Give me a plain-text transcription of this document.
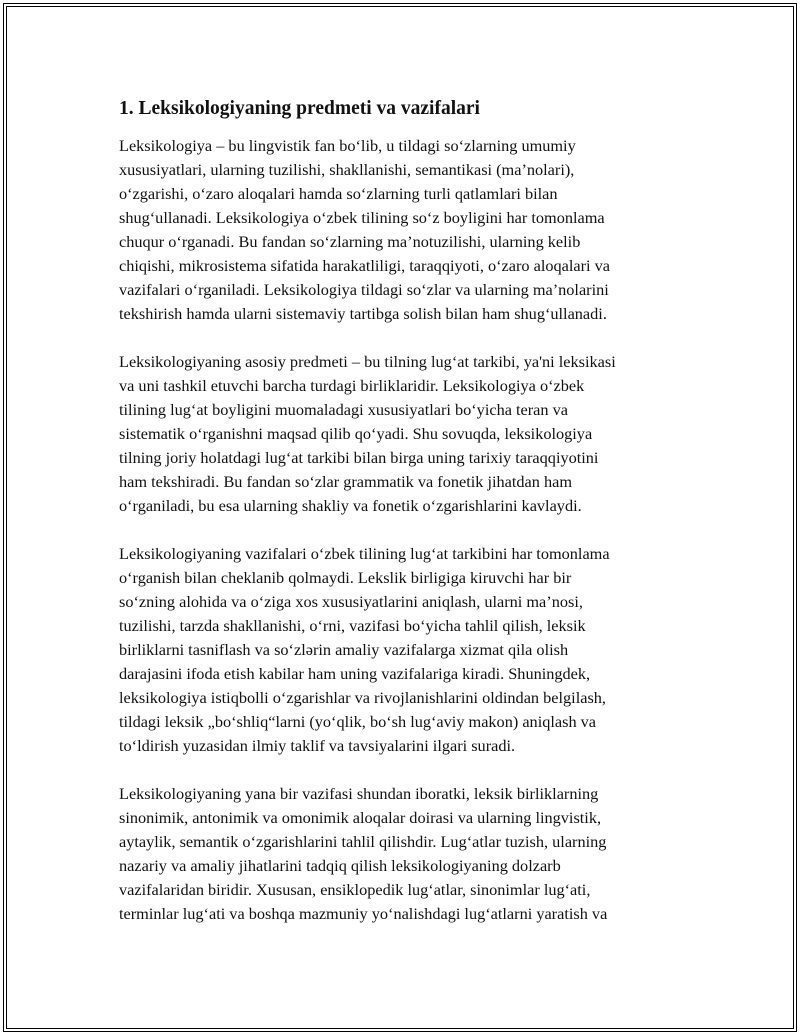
1. Leksikologiyaning predmeti va vazifalari

Leksikologiya – bu lingvistik fan bo‘lib, u tildagi so‘zlarning umumiy
xususiyatlari, ularning tuzilishi, shakllanishi, semantikasi (ma’nolari),
o‘zgarishi, o‘zaro aloqalari hamda so‘zlarning turli qatlamlari bilan
shug‘ullanadi. Leksikologiya o‘zbek tilining so‘z boyligini har tomonlama
chuqur o‘rganadi. Bu fandan so‘zlarning ma’notuzilishi, ularning kelib
chiqishi, mikrosistema sifatida harakatliligi, taraqqiyoti, o‘zaro aloqalari va
vazifalari o‘rganiladi. Leksikologiya tildagi so‘zlar va ularning ma’nolarini
tekshirish hamda ularni sistemaviy tartibga solish bilan ham shug‘ullanadi.

Leksikologiyaning asosiy predmeti – bu tilning lug‘at tarkibi, ya'ni leksikasi
va uni tashkil etuvchi barcha turdagi birliklaridir. Leksikologiya o‘zbek
tilining lug‘at boyligini muomaladagi xususiyatlari bo‘yicha teran va
sistematik o‘rganishni maqsad qilib qo‘yadi. Shu sovuqda, leksikologiya
tilning joriy holatdagi lug‘at tarkibi bilan birga uning tarixiy taraqqiyotini
ham tekshiradi. Bu fandan so‘zlar grammatik va fonetik jihatdan ham
o‘rganiladi, bu esa ularning shakliy va fonetik o‘zgarishlarini kavlaydi.

Leksikologiyaning vazifalari o‘zbek tilining lug‘at tarkibini har tomonlama
o‘rganish bilan cheklanib qolmaydi. Lekslik birligiga kiruvchi har bir
so‘zning alohida va o‘ziga xos xususiyatlarini aniqlash, ularni ma’nosi,
tuzilishi, tarzda shakllanishi, o‘rni, vazifasi bo‘yicha tahlil qilish, leksik
birliklarni tasniflash va so‘zlərin amaliy vazifalarga xizmat qila olish
darajasini ifoda etish kabilar ham uning vazifalariga kiradi. Shuningdek,
leksikologiya istiqbolli o‘zgarishlar va rivojlanishlarini oldindan belgilash,
tildagi leksik „bo‘shliq“larni (yo‘qlik, bo‘sh lug‘aviy makon) aniqlash va
to‘ldirish yuzasidan ilmiy taklif va tavsiyalarini ilgari suradi.

Leksikologiyaning yana bir vazifasi shundan iboratki, leksik birliklarning
sinonimik, antonimik va omonimik aloqalar doirasi va ularning lingvistik,
aytaylik, semantik o‘zgarishlarini tahlil qilishdir. Lug‘atlar tuzish, ularning
nazariy va amaliy jihatlarini tadqiq qilish leksikologiyaning dolzarb
vazifalaridan biridir. Xususan, ensiklopedik lug‘atlar, sinonimlar lug‘ati,
terminlar lug‘ati va boshqa mazmuniy yo‘nalishdagi lug‘atlarni yaratish va
